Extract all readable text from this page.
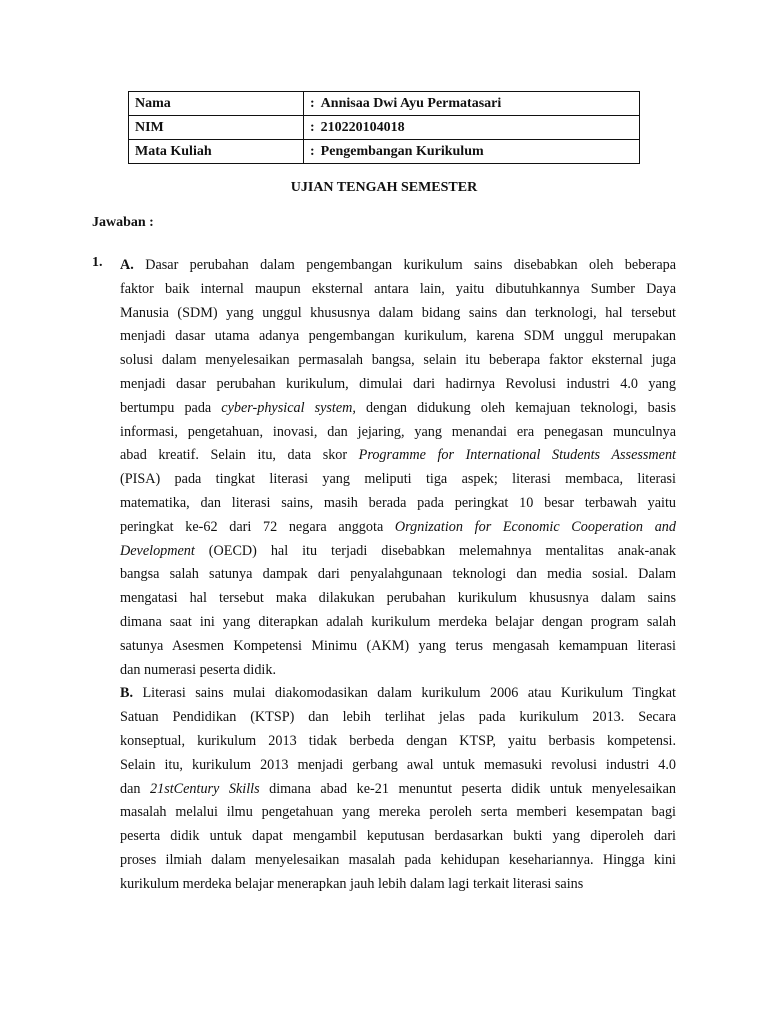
Nama	: Annisaa Dwi Ayu Permatasari
NIM	: 210220104018
Mata Kuliah	: Pengembangan Kurikulum
UJIAN TENGAH SEMESTER
Jawaban :
1. A. Dasar perubahan dalam pengembangan kurikulum sains disebabkan oleh beberapa
faktor baik internal maupun eksternal antara lain, yaitu dibutuhkannya Sumber Daya
Manusia (SDM) yang unggul khususnya dalam bidang sains dan terknologi, hal tersebut
menjadi dasar utama adanya pengembangan kurikulum, karena SDM unggul merupakan
solusi dalam menyelesaikan permasalah bangsa, selain itu beberapa faktor eksternal juga
menjadi dasar perubahan kurikulum, dimulai dari hadirnya Revolusi industri 4.0 yang
bertumpu pada cyber-physical system, dengan didukung oleh kemajuan teknologi, basis
informasi, pengetahuan, inovasi, dan jejaring, yang menandai era penegasan munculnya
abad kreatif. Selain itu, data skor Programme for International Students Assessment
(PISA) pada tingkat literasi yang meliputi tiga aspek; literasi membaca, literasi
matematika, dan literasi sains, masih berada pada peringkat 10 besar terbawah yaitu
peringkat ke-62 dari 72 negara anggota Orgnization for Economic Cooperation and
Development (OECD) hal itu terjadi disebabkan melemahnya mentalitas anak-anak
bangsa salah satunya dampak dari penyalahgunaan teknologi dan media sosial. Dalam
mengatasi hal tersebut maka dilakukan perubahan kurikulum khususnya dalam sains
dimana saat ini yang diterapkan adalah kurikulum merdeka belajar dengan program salah
satunya Asesmen Kompetensi Minimu (AKM) yang terus mengasah kemampuan literasi
dan numerasi peserta didik.
B. Literasi sains mulai diakomodasikan dalam kurikulum 2006 atau Kurikulum Tingkat
Satuan Pendidikan (KTSP) dan lebih terlihat jelas pada kurikulum 2013. Secara
konseptual, kurikulum 2013 tidak berbeda dengan KTSP, yaitu berbasis kompetensi.
Selain itu, kurikulum 2013 menjadi gerbang awal untuk memasuki revolusi industri 4.0
dan 21stCentury Skills dimana abad ke-21 menuntut peserta didik untuk menyelesaikan
masalah melalui ilmu pengetahuan yang mereka peroleh serta memberi kesempatan bagi
peserta didik untuk dapat mengambil keputusan berdasarkan bukti yang diperoleh dari
proses ilmiah dalam menyelesaikan masalah pada kehidupan kesehariannya. Hingga kini
kurikulum merdeka belajar menerapkan jauh lebih dalam lagi terkait literasi sains
